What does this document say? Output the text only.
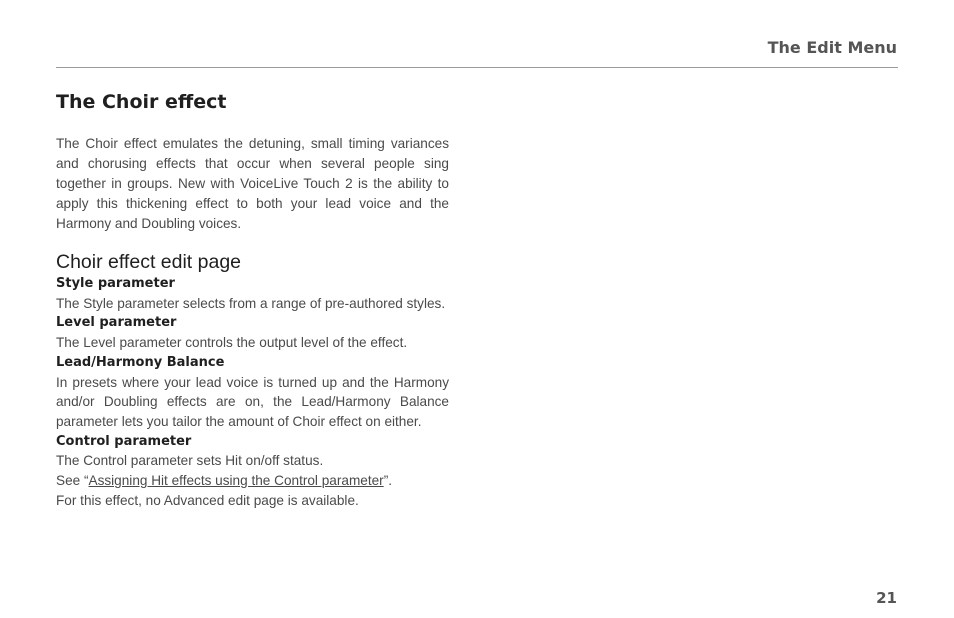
The Edit Menu
The Choir effect

The Choir effect emulates the detuning, small timing variances and chorusing effects that occur when several people sing together in groups. New with VoiceLive Touch 2 is the ability to apply this thickening effect to both your lead voice and the Harmony and Doubling voices.

Choir effect edit page
Style parameter

The Style parameter selects from a range of pre-authored styles.

Level parameter

The Level parameter controls the output level of the effect.

Lead/Harmony Balance

In presets where your lead voice is turned up and the Harmony and/or Doubling effects are on, the Lead/Harmony Balance parameter lets you tailor the amount of Choir effect on either.

Control parameter

The Control parameter sets Hit on/off status.

See “Assigning Hit effects using the Control parameter”.

For this effect, no Advanced edit page is available.

21
